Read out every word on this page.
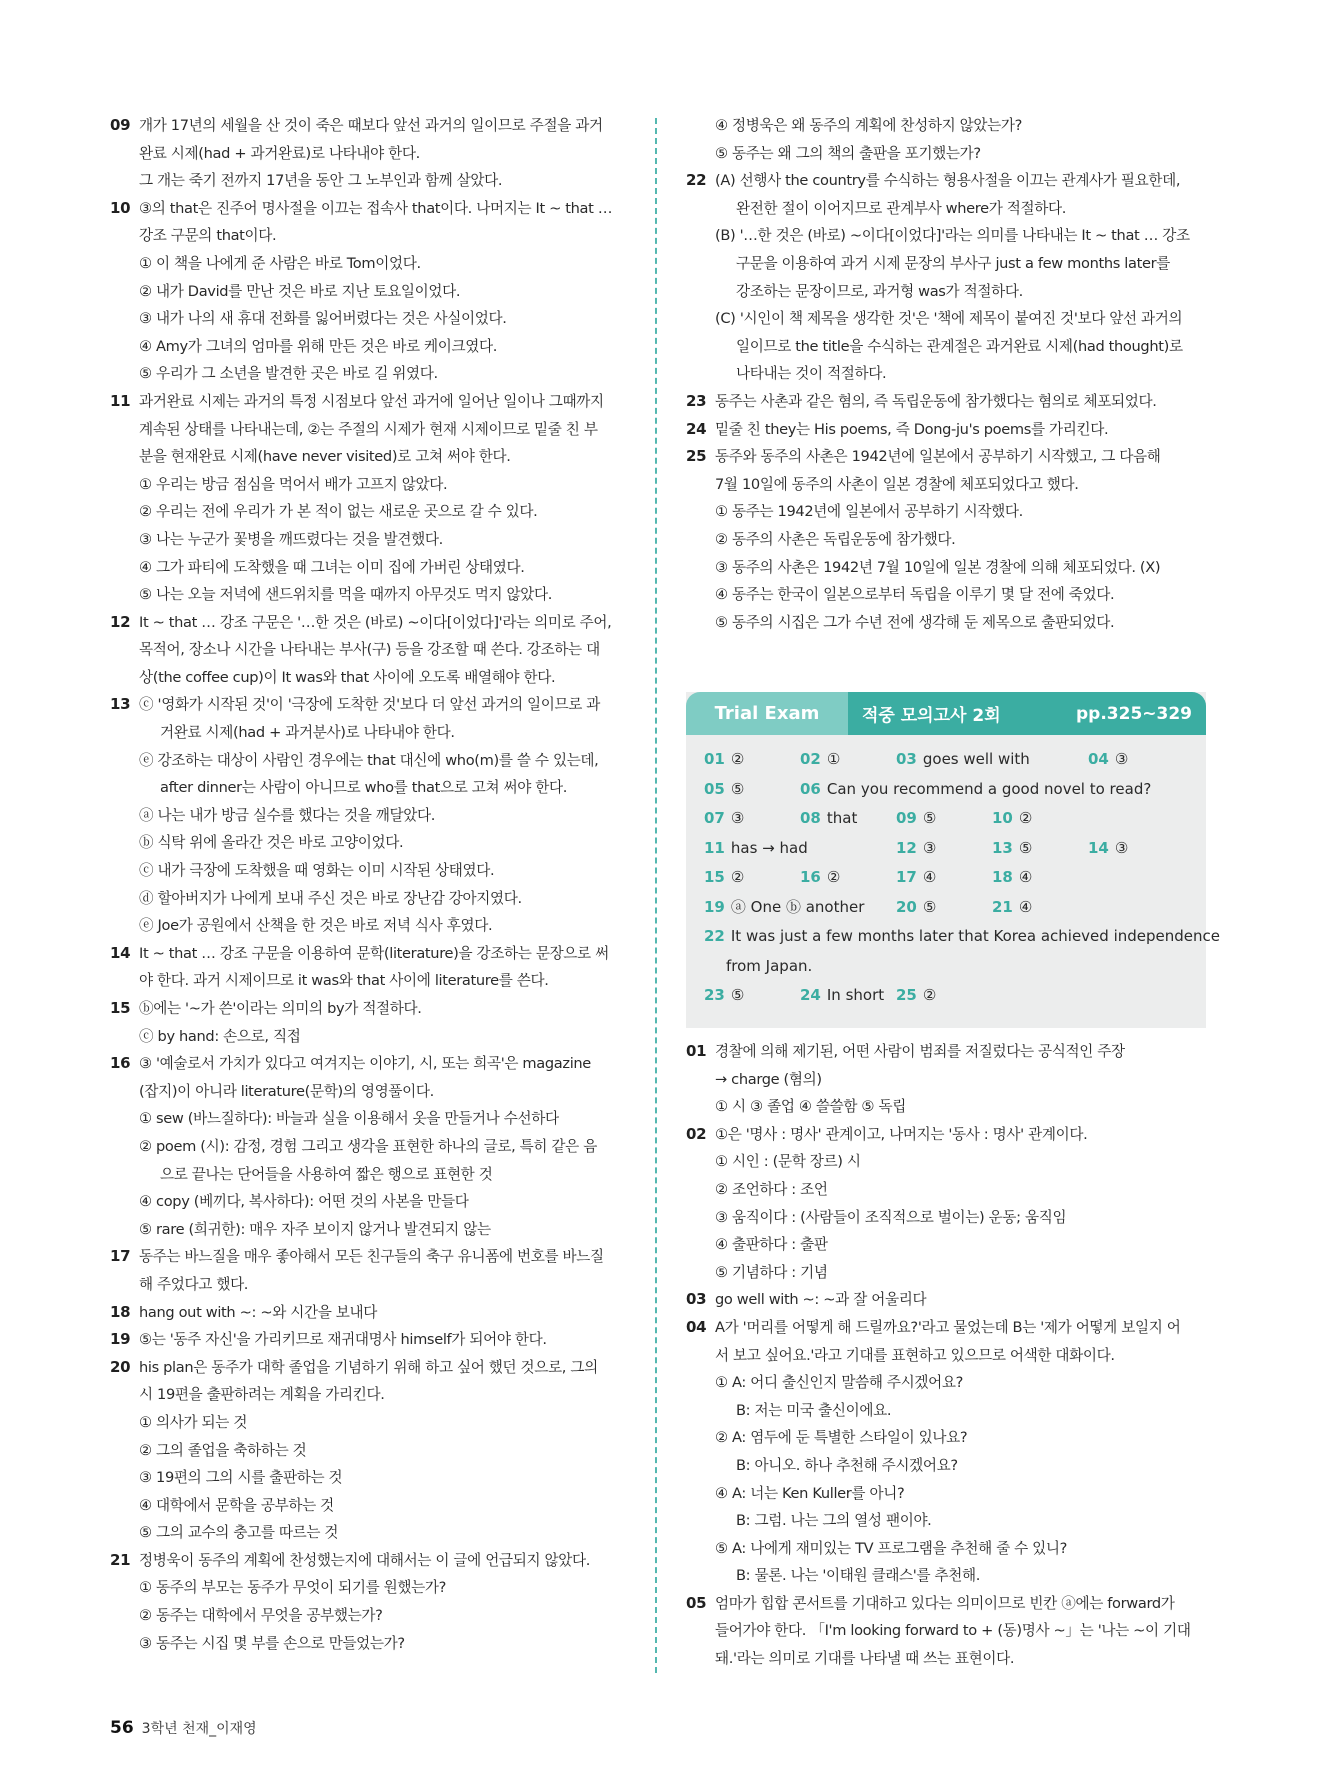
09 개가 17년의 세월을 산 것이 죽은 때보다 앞선 과거의 일이므로 주절을 과거
완료 시제(had + 과거완료)로 나타내야 한다.
그 개는 죽기 전까지 17년을 동안 그 노부인과 함께 살았다.
10 ③의 that은 진주어 명사절을 이끄는 접속사 that이다. 나머지는 It ~ that …
강조 구문의 that이다.
① 이 책을 나에게 준 사람은 바로 Tom이었다.
② 내가 David를 만난 것은 바로 지난 토요일이었다.
③ 내가 나의 새 휴대 전화를 잃어버렸다는 것은 사실이었다.
④ Amy가 그녀의 엄마를 위해 만든 것은 바로 케이크였다.
⑤ 우리가 그 소년을 발견한 곳은 바로 길 위였다.
11 과거완료 시제는 과거의 특정 시점보다 앞선 과거에 일어난 일이나 그때까지
계속된 상태를 나타내는데, ②는 주절의 시제가 현재 시제이므로 밑줄 친 부
분을 현재완료 시제(have never visited)로 고쳐 써야 한다.
① 우리는 방금 점심을 먹어서 배가 고프지 않았다.
② 우리는 전에 우리가 가 본 적이 없는 새로운 곳으로 갈 수 있다.
③ 나는 누군가 꽃병을 깨뜨렸다는 것을 발견했다.
④ 그가 파티에 도착했을 때 그녀는 이미 집에 가버린 상태였다.
⑤ 나는 오늘 저녁에 샌드위치를 먹을 때까지 아무것도 먹지 않았다.
12 It ~ that … 강조 구문은 '…한 것은 (바로) ~이다[이었다]'라는 의미로 주어,
목적어, 장소나 시간을 나타내는 부사(구) 등을 강조할 때 쓴다. 강조하는 대
상(the coffee cup)이 It was와 that 사이에 오도록 배열해야 한다.
13 ⓒ '영화가 시작된 것'이 '극장에 도착한 것'보다 더 앞선 과거의 일이므로 과
거완료 시제(had + 과거분사)로 나타내야 한다.
ⓔ 강조하는 대상이 사람인 경우에는 that 대신에 who(m)를 쓸 수 있는데,
after dinner는 사람이 아니므로 who를 that으로 고쳐 써야 한다.
ⓐ 나는 내가 방금 실수를 했다는 것을 깨달았다.
ⓑ 식탁 위에 올라간 것은 바로 고양이었다.
ⓒ 내가 극장에 도착했을 때 영화는 이미 시작된 상태였다.
ⓓ 할아버지가 나에게 보내 주신 것은 바로 장난감 강아지였다.
ⓔ Joe가 공원에서 산책을 한 것은 바로 저녁 식사 후였다.
14 It ~ that … 강조 구문을 이용하여 문학(literature)을 강조하는 문장으로 써
야 한다. 과거 시제이므로 it was와 that 사이에 literature를 쓴다.
15 ⓑ에는 '~가 쓴'이라는 의미의 by가 적절하다.
ⓒ by hand: 손으로, 직접
16 ③ '예술로서 가치가 있다고 여겨지는 이야기, 시, 또는 희곡'은 magazine
(잡지)이 아니라 literature(문학)의 영영풀이다.
① sew (바느질하다): 바늘과 실을 이용해서 옷을 만들거나 수선하다
② poem (시): 감정, 경험 그리고 생각을 표현한 하나의 글로, 특히 같은 음
으로 끝나는 단어들을 사용하여 짧은 행으로 표현한 것
④ copy (베끼다, 복사하다): 어떤 것의 사본을 만들다
⑤ rare (희귀한): 매우 자주 보이지 않거나 발견되지 않는
17 동주는 바느질을 매우 좋아해서 모든 친구들의 축구 유니폼에 번호를 바느질
해 주었다고 했다.
18 hang out with ~: ~와 시간을 보내다
19 ⑤는 '동주 자신'을 가리키므로 재귀대명사 himself가 되어야 한다.
20 his plan은 동주가 대학 졸업을 기념하기 위해 하고 싶어 했던 것으로, 그의
시 19편을 출판하려는 계획을 가리킨다.
① 의사가 되는 것
② 그의 졸업을 축하하는 것
③ 19편의 그의 시를 출판하는 것
④ 대학에서 문학을 공부하는 것
⑤ 그의 교수의 충고를 따르는 것
21 정병욱이 동주의 계획에 찬성했는지에 대해서는 이 글에 언급되지 않았다.
① 동주의 부모는 동주가 무엇이 되기를 원했는가?
② 동주는 대학에서 무엇을 공부했는가?
③ 동주는 시집 몇 부를 손으로 만들었는가?
④ 정병욱은 왜 동주의 계획에 찬성하지 않았는가?
⑤ 동주는 왜 그의 책의 출판을 포기했는가?
22 (A) 선행사 the country를 수식하는 형용사절을 이끄는 관계사가 필요한데,
완전한 절이 이어지므로 관계부사 where가 적절하다.
(B) '…한 것은 (바로) ~이다[이었다]'라는 의미를 나타내는 It ~ that … 강조
구문을 이용하여 과거 시제 문장의 부사구 just a few months later를
강조하는 문장이므로, 과거형 was가 적절하다.
(C) '시인이 책 제목을 생각한 것'은 '책에 제목이 붙여진 것'보다 앞선 과거의
일이므로 the title을 수식하는 관계절은 과거완료 시제(had thought)로
나타내는 것이 적절하다.
23 동주는 사촌과 같은 혐의, 즉 독립운동에 참가했다는 혐의로 체포되었다.
24 밑줄 친 they는 His poems, 즉 Dong-ju's poems를 가리킨다.
25 동주와 동주의 사촌은 1942년에 일본에서 공부하기 시작했고, 그 다음해
7월 10일에 동주의 사촌이 일본 경찰에 체포되었다고 했다.
① 동주는 1942년에 일본에서 공부하기 시작했다.
② 동주의 사촌은 독립운동에 참가했다.
③ 동주의 사촌은 1942년 7월 10일에 일본 경찰에 의해 체포되었다. (X)
④ 동주는 한국이 일본으로부터 독립을 이루기 몇 달 전에 죽었다.
⑤ 동주의 시집은 그가 수년 전에 생각해 둔 제목으로 출판되었다.
Trial Exam	적중 모의고사 2회	pp.325~329
01 ②	02 ①	03 goes well with	04 ③
05 ⑤	06 Can you recommend a good novel to read?
07 ③	08 that	09 ⑤	10 ②
11 has → had	12 ③	13 ⑤	14 ③
15 ②	16 ②	17 ④	18 ④
19 ⓐ One ⓑ another 20 ⑤	21 ④
22 It was just a few months later that Korea achieved independence
from Japan.
23 ⑤	24 In short 25 ②
01 경찰에 의해 제기된, 어떤 사람이 범죄를 저질렀다는 공식적인 주장
→ charge (혐의)
① 시 ③ 졸업 ④ 쓸쓸함 ⑤ 독립
02 ①은 '명사 : 명사' 관계이고, 나머지는 '동사 : 명사' 관계이다.
① 시인 : (문학 장르) 시
② 조언하다 : 조언
③ 움직이다 : (사람들이 조직적으로 벌이는) 운동; 움직임
④ 출판하다 : 출판
⑤ 기념하다 : 기념
03 go well with ~: ~과 잘 어울리다
04 A가 '머리를 어떻게 해 드릴까요?'라고 물었는데 B는 '제가 어떻게 보일지 어
서 보고 싶어요.'라고 기대를 표현하고 있으므로 어색한 대화이다.
① A: 어디 출신인지 말씀해 주시겠어요?
B: 저는 미국 출신이에요.
② A: 염두에 둔 특별한 스타일이 있나요?
B: 아니오. 하나 추천해 주시겠어요?
④ A: 너는 Ken Kuller를 아니?
B: 그럼. 나는 그의 열성 팬이야.
⑤ A: 나에게 재미있는 TV 프로그램을 추천해 줄 수 있니?
B: 물론. 나는 '이태원 클래스'를 추천해.
05 엄마가 힙합 콘서트를 기대하고 있다는 의미이므로 빈칸 ⓐ에는 forward가
들어가야 한다. 「I'm looking forward to + (동)명사 ~」는 '나는 ~이 기대
돼.'라는 의미로 기대를 나타낼 때 쓰는 표현이다.
56 3학년 천재_이재영
